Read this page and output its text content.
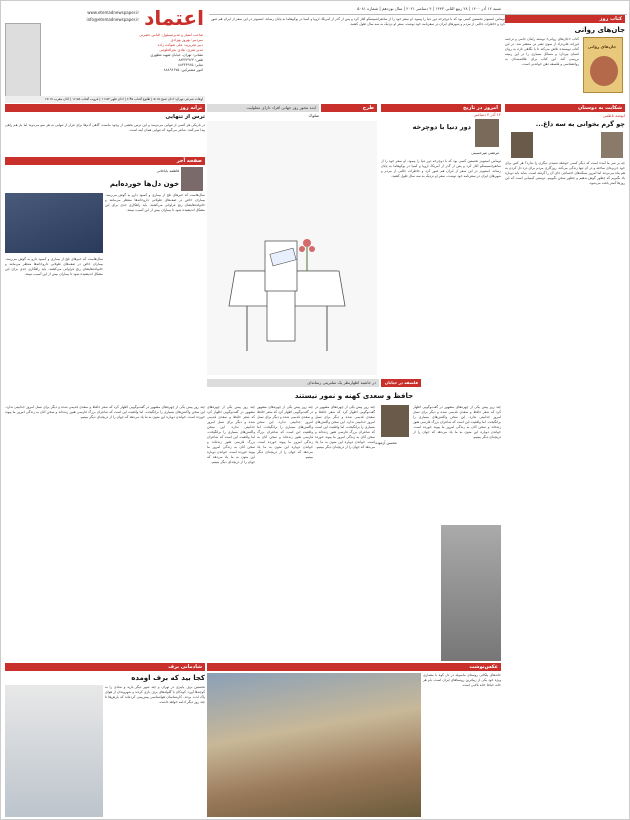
اعتماد
www.etemadnewspaper.ir
info@etemadnewspaper.ir
صاحب امتیاز و مدیرمسئول: الیاس حضرتی
سردبیر: بهروز بهزادی
دبیر تحریریه: علی شوکت زاده
مدیر هنری: هادی بحرالعلومی
نشانی: تهران، خیابان شهید مطهری
تلفن: ۸۸۳۴۳۹۶۳
نمابر: ۸۸۳۴۳۹۶۵
امور مشترکین: ۸۸۸۹۶۶۷۵
اوقات شرعی تهران: اذان صبح ۵:۱۵ | طلوع آفتاب ۶:۴۵ | اذان ظهر ۱۱:۵۳ | غروب آفتاب ۱۶:۵۸ | اذان مغرب ۱۷:۱۷
شنبه ۱۲ آذر ۱۴۰۰ | ۲۸ ربیع الثانی ۱۴۴۳ | ۴ دسامبر ۲۰۲۱ | سال نوزدهم | شماره ۵۰۸۱
توماس استیونز نخستین کسی بود که با دوچرخه دور دنیا را پیمود. او سفر خود را از سانفرانسیسکو آغاز کرد و پس از گذر از آمریکا، اروپا و آسیا در یوکوهاما به پایان رساند. استیونز در این سفر از ایران هم عبور کرد و خاطرات جالبی از مردم و شهرهای ایران در سفرنامه خود نوشت. سفر او نزدیک به سه سال طول کشید.
کتاب روز
جان‌های روانی
جان‌های روانی
کتاب «جان‌های روانی» نوشته رامان جامی و ترجمه فرزانه علی‌نژاد از سوی نشر نی منتشر شد. در این کتاب نویسنده تلاش می‌کند تا با نگاهی تازه به روان انسان بپردازد و مسائل بسیاری را در این زمینه بررسی کند. این کتاب برای علاقه‌مندان به روانشناسی و فلسفه ذهن خواندنی است.
شکایت به دوستان
انوشه ناظمی
چو گرم بخوانی به سه داغ...
چه بر سر ما آمده است که دیگر کسی حوصله شنیدن دیگری را ندارد؟ هر کس برای خود جزیره‌ای ساخته و در آن تنها زندگی می‌کند. روزگاری مردم برای درد دل کردن به هم پناه می‌بردند اما امروز شبکه‌های اجتماعی جای آن را گرفته است. شاید باید دوباره یاد بگیریم که چطور گوش بدهیم و چطور سخن بگوییم. دوستی کیمیایی است که این روزها کمتر یافت می‌شود.
امروز در تاریخ
۱۲ آذر ۴ دسامبر
مرتضی میرحسینی
دور دنیا با دوچرخه
توماس استیونز نخستین کسی بود که با دوچرخه دور دنیا را پیمود. او سفر خود را از سانفرانسیسکو آغاز کرد و پس از گذر از آمریکا، اروپا و آسیا در یوکوهاما به پایان رساند. استیونز در این سفر از ایران هم عبور کرد و خاطرات جالبی از مردم و شهرهای ایران در سفرنامه خود نوشت. سفر او نزدیک به سه سال طول کشید.
طرح
ایده محور روز جهانی افراد دارای معلولیت
سلوک
ترانه روز
ترس از تنهایی
در تاریکی هر کسی از تنهایی می‌ترسد و این ترس بخشی از وجود ماست. گاهی آدم‌ها برای فرار از تنهایی به هر سو می‌دوند اما باز هم راهی پیدا نمی‌کنند. شاعر می‌گوید که تنهایی همان آینه است.
صفحه آخر
فاطمه باباخانی
خون دل‌ها خورده‌ایم
سال‌هاست که خبرهای تلخ از بیماری و کمبود دارو به گوش می‌رسد. بیماران خاص در صف‌های طولانی داروخانه‌ها منتظر می‌مانند و خانواده‌هایشان رنج فراوانی می‌کشند. باید راهکاری جدی برای این مشکل اندیشیده شود تا بیماران بیش از این آسیب نبینند.
سال‌هاست که خبرهای تلخ از بیماری و کمبود دارو به گوش می‌رسد. بیماران خاص در صف‌های طولانی داروخانه‌ها منتظر می‌مانند و خانواده‌هایشان رنج فراوانی می‌کشند. باید راهکاری جدی برای این مشکل اندیشیده شود تا بیماران بیش از این آسیب نبینند.
فلسفه در خیابان
در حاشیه اظهارنظر یک سلبریتی رسانه‌ای
حافظ و سعدی کهنه و نمور نیستند
محسن آزموده
چند روز پیش یکی از چهره‌های مشهور در گفت‌وگویی اظهار کرد که شعر حافظ و سعدی قدیمی شده و دیگر برای نسل امروز جذابیتی ندارد. این سخن واکنش‌های بسیاری را برانگیخت. اما واقعیت این است که شاعران بزرگ فارسی هنوز زنده‌اند و سخن آنان به زندگی امروز ما پیوند خورده است. خواندن دوباره این متون به ما یاد می‌دهد که جهان را از دریچه‌ای دیگر ببینیم.
چند روز پیش یکی از چهره‌های مشهور در گفت‌وگویی اظهار کرد که شعر حافظ و سعدی قدیمی شده و دیگر برای نسل امروز جذابیتی ندارد. این سخن واکنش‌های بسیاری را برانگیخت. اما واقعیت این است که شاعران بزرگ فارسی هنوز زنده‌اند و سخن آنان به زندگی امروز ما پیوند خورده است. خواندن دوباره این متون به ما یاد می‌دهد که جهان را از دریچه‌ای دیگر ببینیم.
چند روز پیش یکی از چهره‌های مشهور در گفت‌وگویی اظهار کرد که شعر حافظ و سعدی قدیمی شده و دیگر برای نسل امروز جذابیتی ندارد. این سخن واکنش‌های بسیاری را برانگیخت. اما واقعیت این است که شاعران بزرگ فارسی هنوز زنده‌اند و سخن آنان به زندگی امروز ما پیوند خورده است. خواندن دوباره این متون به ما یاد می‌دهد که جهان را از دریچه‌ای دیگر ببینیم.
چند روز پیش یکی از چهره‌های مشهور در گفت‌وگویی اظهار کرد که شعر حافظ و سعدی قدیمی شده و دیگر برای نسل امروز جذابیتی ندارد. این سخن واکنش‌های بسیاری را برانگیخت. اما واقعیت این است که شاعران بزرگ فارسی هنوز زنده‌اند و سخن آنان به زندگی امروز ما پیوند خورده است. خواندن دوباره این متون به ما یاد می‌دهد که جهان را از دریچه‌ای دیگر ببینیم.
چند روز پیش یکی از چهره‌های مشهور در گفت‌وگویی اظهار کرد که شعر حافظ و سعدی قدیمی شده و دیگر برای نسل امروز جذابیتی ندارد. این سخن واکنش‌های بسیاری را برانگیخت. اما واقعیت این است که شاعران بزرگ فارسی هنوز زنده‌اند و سخن آنان به زندگی امروز ما پیوند خورده است. خواندن دوباره این متون به ما یاد می‌دهد که جهان را از دریچه‌ای دیگر ببینیم.
شادمانی برف
کجا بید که برف اومده
نخستین برف پاییزی در تهران و چند شهر دیگر بارید و شادی را به کوچه‌ها آورد. کودکان با گلوله‌های برف بازی کردند و شهروندان از هوای پاک لذت بردند. کارشناسان هواشناسی پیش‌بینی کرده‌اند که بارش‌ها تا چند روز دیگر ادامه خواهد داشت.
عکس‌نوشت
خانه‌های پلکانی روستای ماسوله در دل کوه با معماری ویژه خود یکی از زیباترین روستاهای ایران است. بام هر خانه حیاط خانه بالایی است.
